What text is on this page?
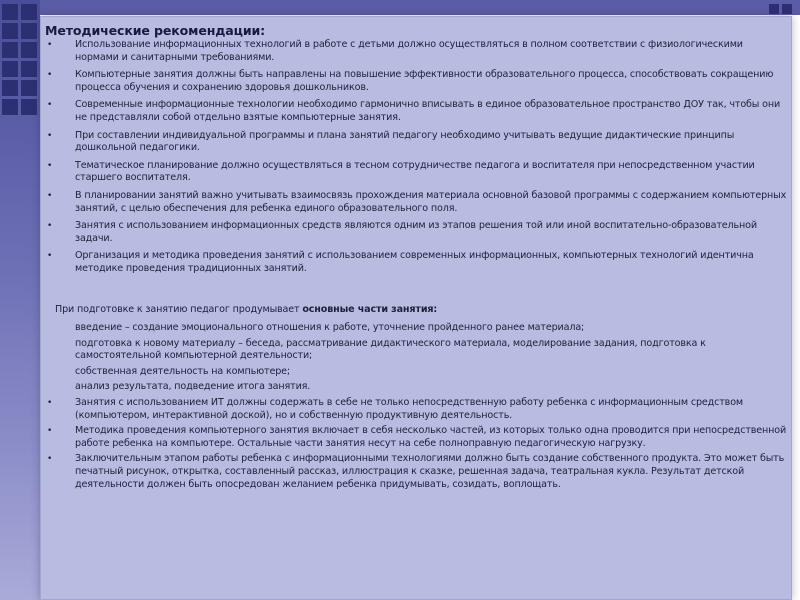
Методические рекомендации:
•	Использование информационных технологий в работе с детьми должно осуществляться в полном соответствии с физиологическими нормами и санитарными требованиями.
•	Компьютерные занятия должны быть направлены на повышение эффективности образовательного процесса, способствовать сокращению процесса обучения и сохранению здоровья дошкольников.
•	Современные информационные технологии необходимо гармонично вписывать в единое образовательное пространство ДОУ так, чтобы они не представляли собой отдельно взятые компьютерные занятия.
•	При составлении индивидуальной программы и плана занятий педагогу необходимо учитывать ведущие дидактические принципы дошкольной педагогики.
•	Тематическое планирование должно осуществляться в тесном сотрудничестве педагога и воспитателя при непосредственном участии старшего воспитателя.
•	В планировании занятий важно учитывать взаимосвязь прохождения материала основной базовой программы с содержанием компьютерных занятий, с целью обеспечения для ребенка единого образовательного поля.
•	Занятия с использованием информационных средств являются одним из этапов решения той или иной воспитательно-образовательной задачи.
•	Организация и методика проведения занятий с использованием современных информационных, компьютерных технологий идентична методике проведения традиционных занятий.
При подготовке к занятию педагог продумывает основные части занятия:
введение – создание эмоционального отношения к работе, уточнение пройденного ранее материала;
подготовка к новому материалу – беседа, рассматривание дидактического материала, моделирование задания, подготовка к самостоятельной компьютерной деятельности;
собственная деятельность на компьютере;
анализ результата, подведение итога занятия.
•	Занятия с использованием ИТ должны содержать в себе не только непосредственную работу ребенка с информационным средством (компьютером, интерактивной доской), но и собственную продуктивную деятельность.
•	Методика проведения компьютерного занятия включает в себя несколько частей, из которых только одна проводится при непосредственной работе ребенка на компьютере. Остальные части занятия несут на себе полноправную педагогическую нагрузку.
•	Заключительным этапом работы ребенка с информационными технологиями должно быть создание собственного продукта. Это может быть печатный рисунок, открытка, составленный рассказ, иллюстрация к сказке, решенная задача, театральная кукла. Результат детской деятельности должен быть опосредован желанием ребенка придумывать, созидать, воплощать.
